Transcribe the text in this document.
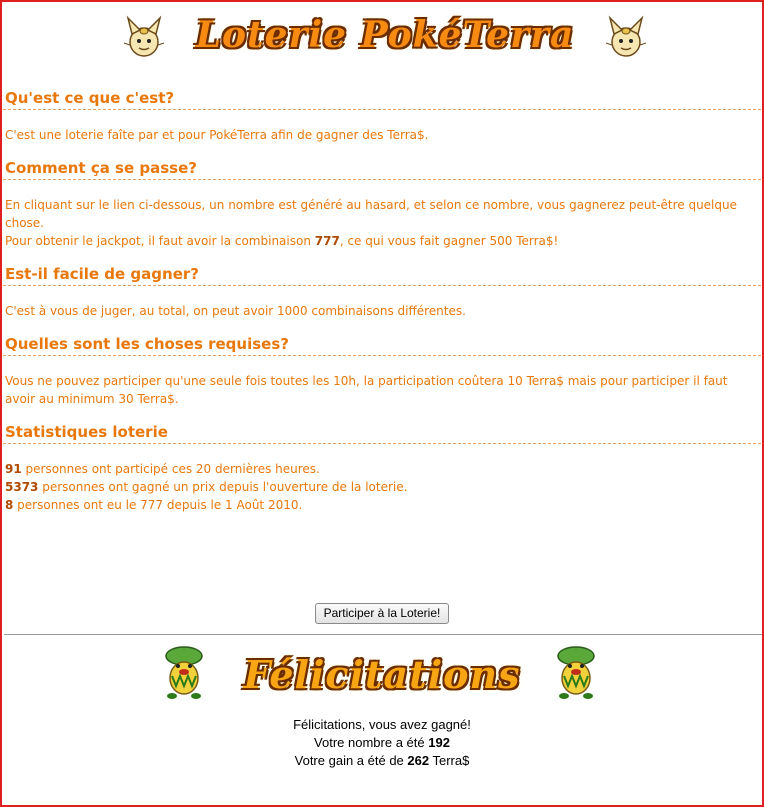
Loterie PokéTerra
Qu'est ce que c'est?
C'est une loterie faîte par et pour PokéTerra afin de gagner des Terra$.
Comment ça se passe?
En cliquant sur le lien ci-dessous, un nombre est généré au hasard, et selon ce nombre, vous gagnerez peut-être quelque chose.
Pour obtenir le jackpot, il faut avoir la combinaison 777, ce qui vous fait gagner 500 Terra$!
Est-il facile de gagner?
C'est à vous de juger, au total, on peut avoir 1000 combinaisons différentes.
Quelles sont les choses requises?
Vous ne pouvez participer qu'une seule fois toutes les 10h, la participation coûtera 10 Terra$ mais pour participer il faut avoir au minimum 30 Terra$.
Statistiques loterie
91 personnes ont participé ces 20 dernières heures.
5373 personnes ont gagné un prix depuis l'ouverture de la loterie.
8 personnes ont eu le 777 depuis le 1 Août 2010.
Participer à la Loterie!
Félicitations
Félicitations, vous avez gagné!
Votre nombre a été 192
Votre gain a été de 262 Terra$
